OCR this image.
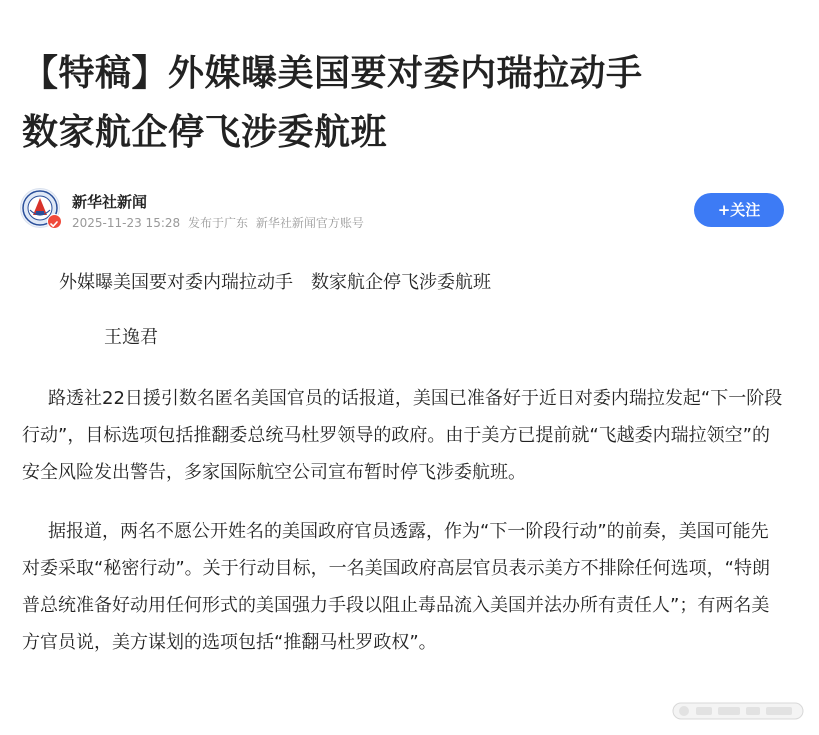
【特稿】外媒曝美国要对委内瑞拉动手
数家航企停飞涉委航班
新华社新闻
2025-11-23 15:28 发布于广东 新华社新闻官方账号
+关注

外媒曝美国要对委内瑞拉动手　数家航企停飞涉委航班

王逸君

路透社22日援引数名匿名美国官员的话报道，美国已准备好于近日对委内瑞拉发起“下一阶段行动”，目标选项包括推翻委总统马杜罗领导的政府。由于美方已提前就“飞越委内瑞拉领空”的安全风险发出警告，多家国际航空公司宣布暂时停飞涉委航班。

据报道，两名不愿公开姓名的美国政府官员透露，作为“下一阶段行动”的前奏，美国可能先对委采取“秘密行动”。关于行动目标，一名美国政府高层官员表示美方不排除任何选项，“特朗普总统准备好动用任何形式的美国强力手段以阻止毒品流入美国并法办所有责任人”；有两名美方官员说，美方谋划的选项包括“推翻马杜罗政权”。
